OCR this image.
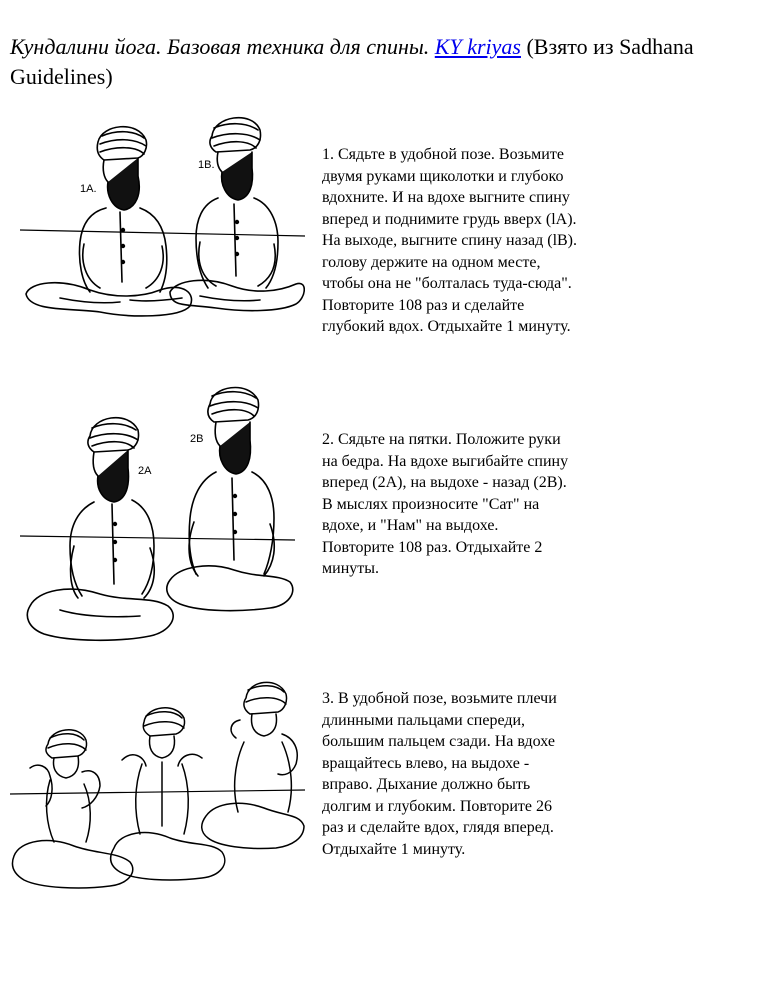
Кундалини йога. Базовая техника для спины. KY kriyas (Взято из Sadhana Guidelines)
1A.
1B.
1. Сядьте в удобной позе. Возьмите
двумя руками щиколотки и глубоко
вдохните. И на вдохе выгните спину
вперед и поднимите грудь вверх (lA).
На выходе, выгните спину назад (lB).
голову держите на одном месте,
чтобы она не "болталась туда-сюда".
Повторите 108 раз и сделайте
глубокий вдох. Отдыхайте 1 минуту.
2A
2B	2. Сядьте на пятки. Положите руки
на бедра. На вдохе выгибайте спину
вперед (2А), на выдохе - назад (2В).
В мыслях произносите "Сат" на
вдохе, и "Нам" на выдохе.
Повторите 108 раз. Отдыхайте 2
минуты.
3. В удобной позе, возьмите плечи
длинными пальцами спереди,
большим пальцем сзади. На вдохе
вращайтесь влево, на выдохе -
вправо. Дыхание должно быть
долгим и глубоким. Повторите 26
раз и сделайте вдох, глядя вперед.
Отдыхайте 1 минуту.
